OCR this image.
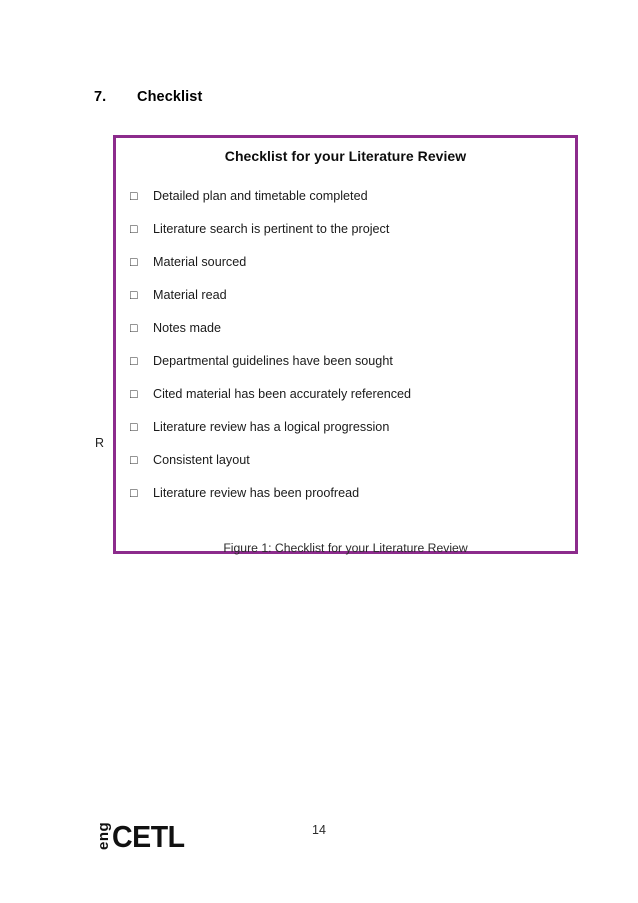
7.	Checklist
Checklist for your Literature Review
□	Detailed plan and timetable completed
□	Literature search is pertinent to the project
□	Material sourced
□	Material read
□	Notes made
□	Departmental guidelines have been sought
□	Cited material has been accurately referenced
□	Literature review has a logical progression
□	Consistent layout
□	Literature review has been proofread
R
Figure 1: Checklist for your Literature Review
eng CETL	14
